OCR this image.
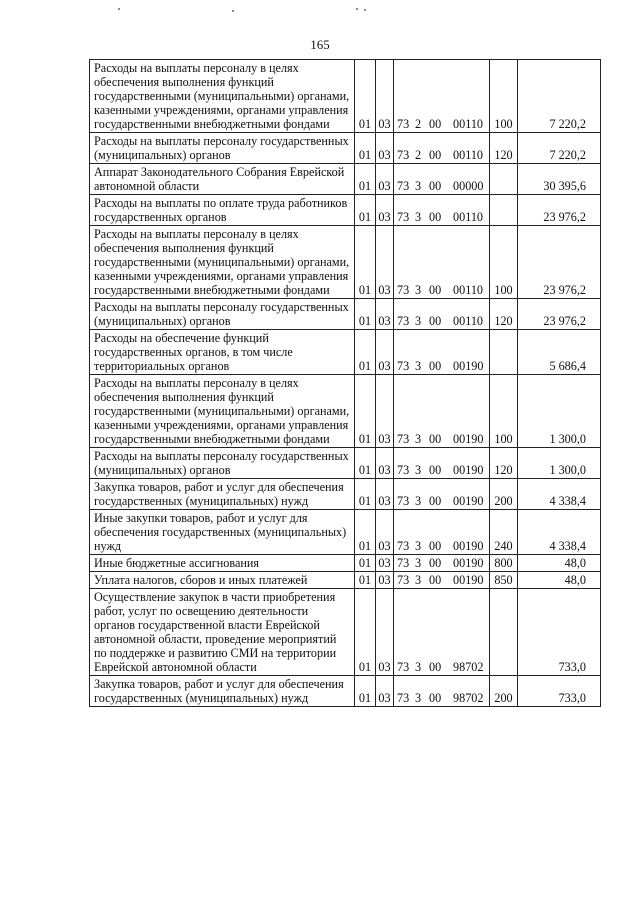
165
Расходы на выплаты персоналу в целях обеспечения выполнения функций государственными (муниципальными) органами, казенными учреждениями, органами управления государственными внебюджетными фондами	01	03	73 2 00 00110	100	7 220,2
Расходы на выплаты персоналу государственных (муниципальных) органов	01	03	73 2 00 00110	120	7 220,2
Аппарат Законодательного Собрания Еврейской автономной области	01	03	73 3 00 00000		30 395,6
Расходы на выплаты по оплате труда работников государственных органов	01	03	73 3 00 00110		23 976,2
Расходы на выплаты персоналу в целях обеспечения выполнения функций государственными (муниципальными) органами, казенными учреждениями, органами управления государственными внебюджетными фондами	01	03	73 3 00 00110	100	23 976,2
Расходы на выплаты персоналу государственных (муниципальных) органов	01	03	73 3 00 00110	120	23 976,2
Расходы на обеспечение функций государственных органов, в том числе территориальных органов	01	03	73 3 00 00190		5 686,4
Расходы на выплаты персоналу в целях обеспечения выполнения функций государственными (муниципальными) органами, казенными учреждениями, органами управления государственными внебюджетными фондами	01	03	73 3 00 00190	100	1 300,0
Расходы на выплаты персоналу государственных (муниципальных) органов	01	03	73 3 00 00190	120	1 300,0
Закупка товаров, работ и услуг для обеспечения государственных (муниципальных) нужд	01	03	73 3 00 00190	200	4 338,4
Иные закупки товаров, работ и услуг для обеспечения государственных (муниципальных) нужд	01	03	73 3 00 00190	240	4 338,4
Иные бюджетные ассигнования	01	03	73 3 00 00190	800	48,0
Уплата налогов, сборов и иных платежей	01	03	73 3 00 00190	850	48,0
Осуществление закупок в части приобретения работ, услуг по освещению деятельности органов государственной власти Еврейской автономной области, проведение мероприятий по поддержке и развитию СМИ на территории Еврейской автономной области	01	03	73 3 00 98702		733,0
Закупка товаров, работ и услуг для обеспечения государственных (муниципальных) нужд	01	03	73 3 00 98702	200	733,0
